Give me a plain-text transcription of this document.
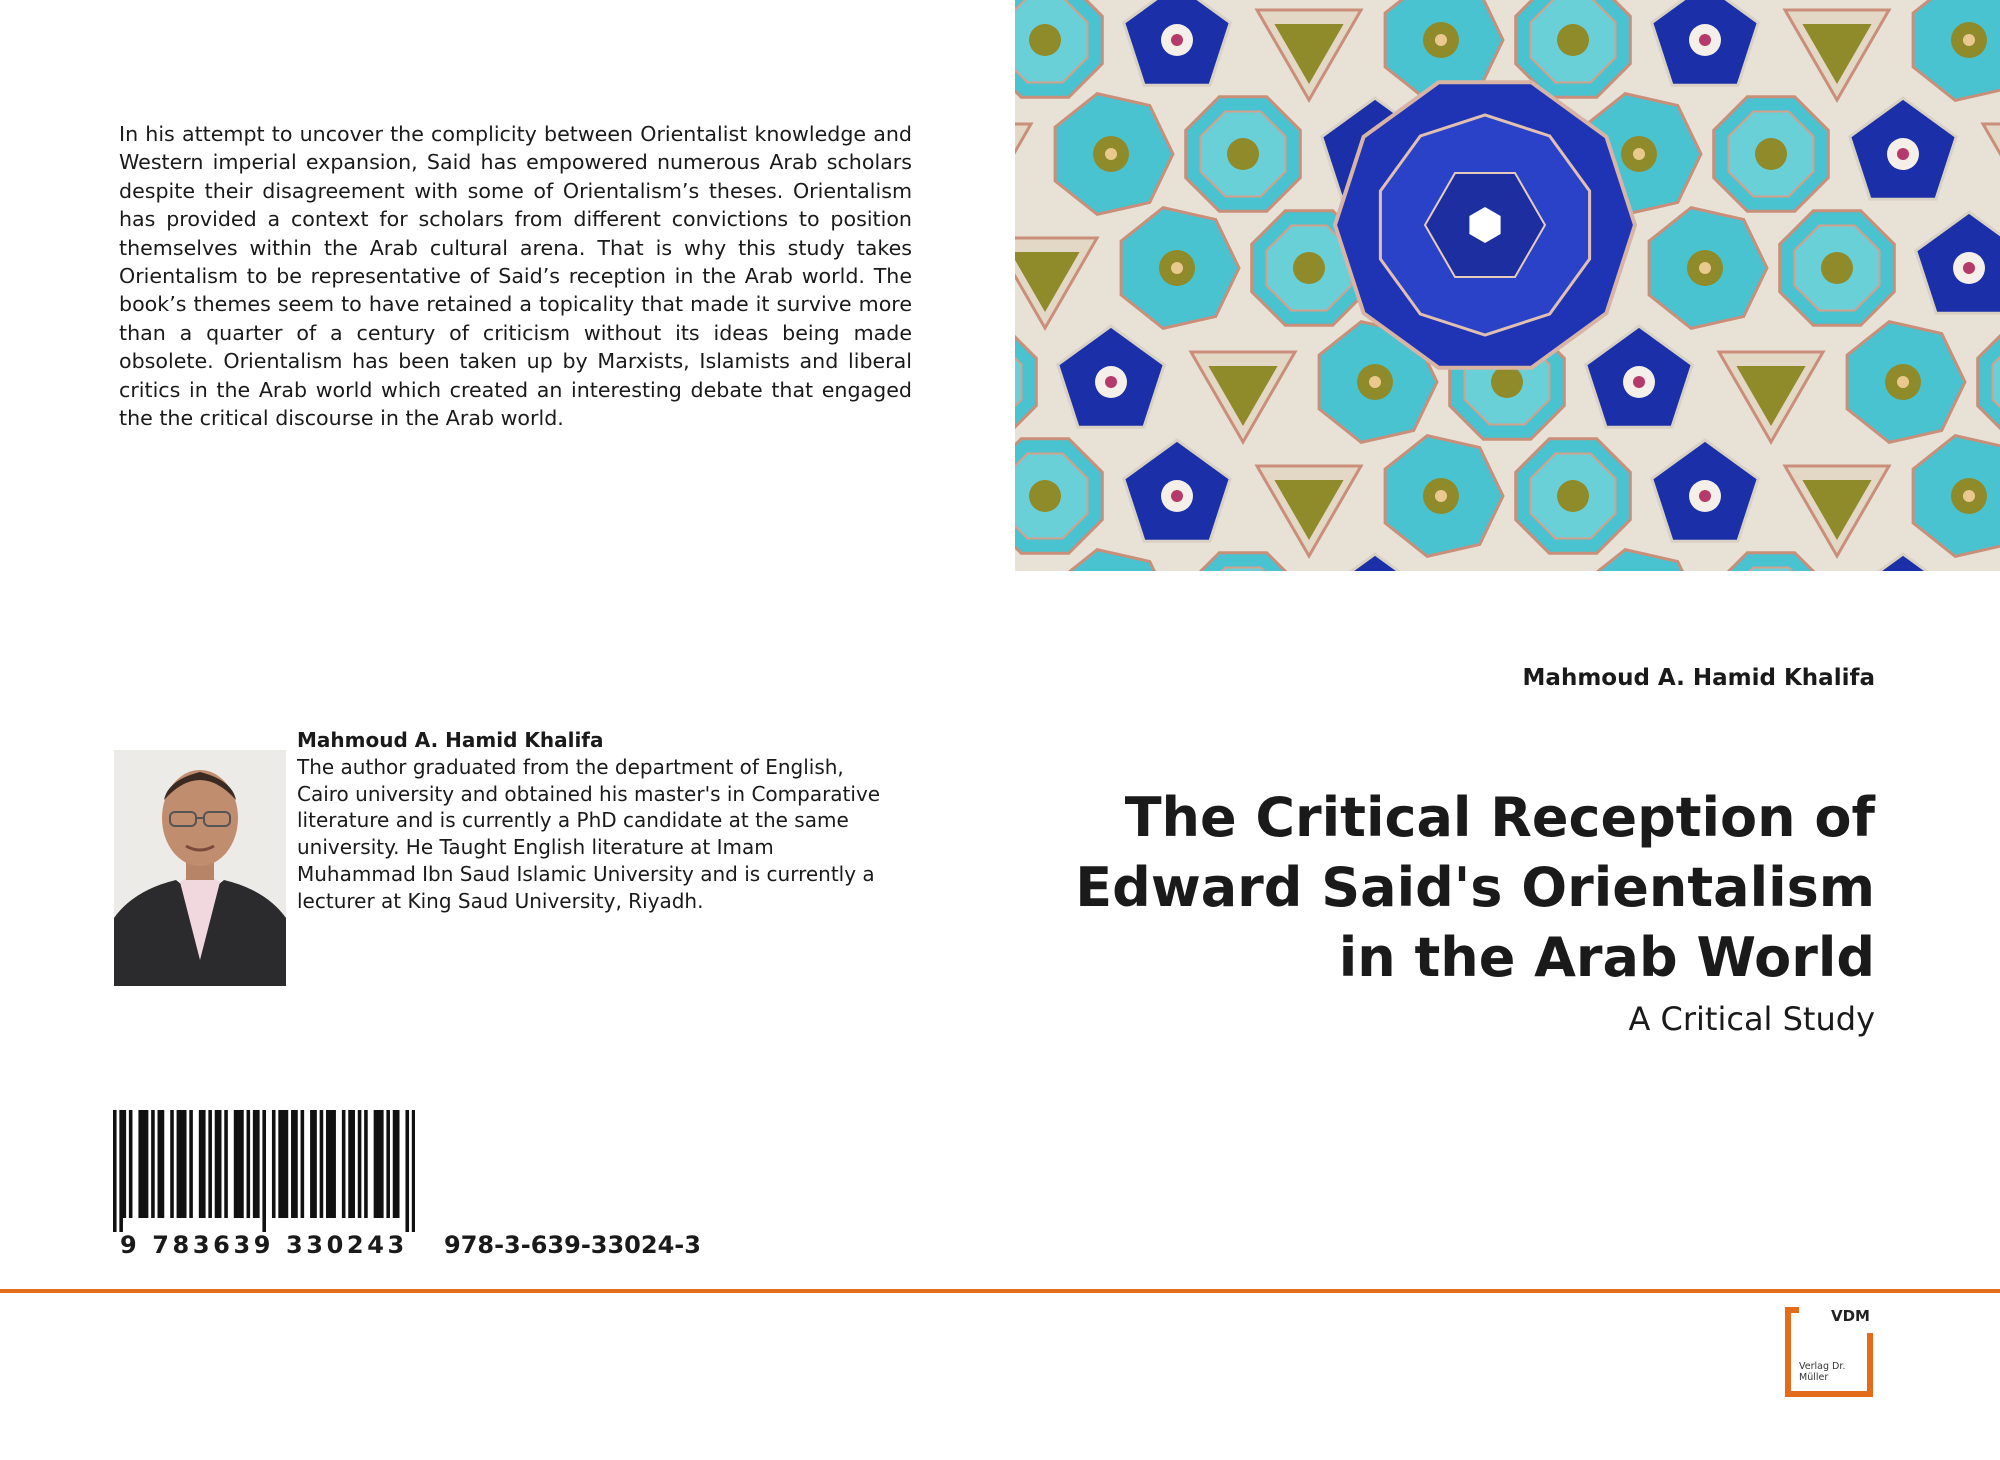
In his attempt to uncover the complicity between Orientalist knowledge and Western imperial expansion, Said has empowered numerous Arab scholars despite their disagreement with some of Orientalism’s theses. Orientalism has provided a context for scholars from different convictions to position themselves within the Arab cultural arena. That is why this study takes Orientalism to be representative of Said’s reception in the Arab world. The book’s themes seem to have retained a topicality that made it survive more than a quarter of a century of criticism without its ideas being made obsolete. Orientalism has been taken up by Marxists, Islamists and liberal critics in the Arab world which created an interesting debate that engaged the the critical discourse in the Arab world.

Mahmoud A. Hamid Khalifa
Mahmoud A. Hamid Khalifa
The author graduated from the department of English, Cairo university and obtained his master's in Comparative literature and is currently a PhD candidate at the same university. He Taught English literature at Imam Muhammad Ibn Saud Islamic University and is currently a lecturer at King Saud University, Riyadh.
The Critical Reception of
Edward Said's Orientalism
in the Arab World
A Critical Study
9 783639 330243 978-3-639-33024-3
VDM
Verlag Dr. Müller
